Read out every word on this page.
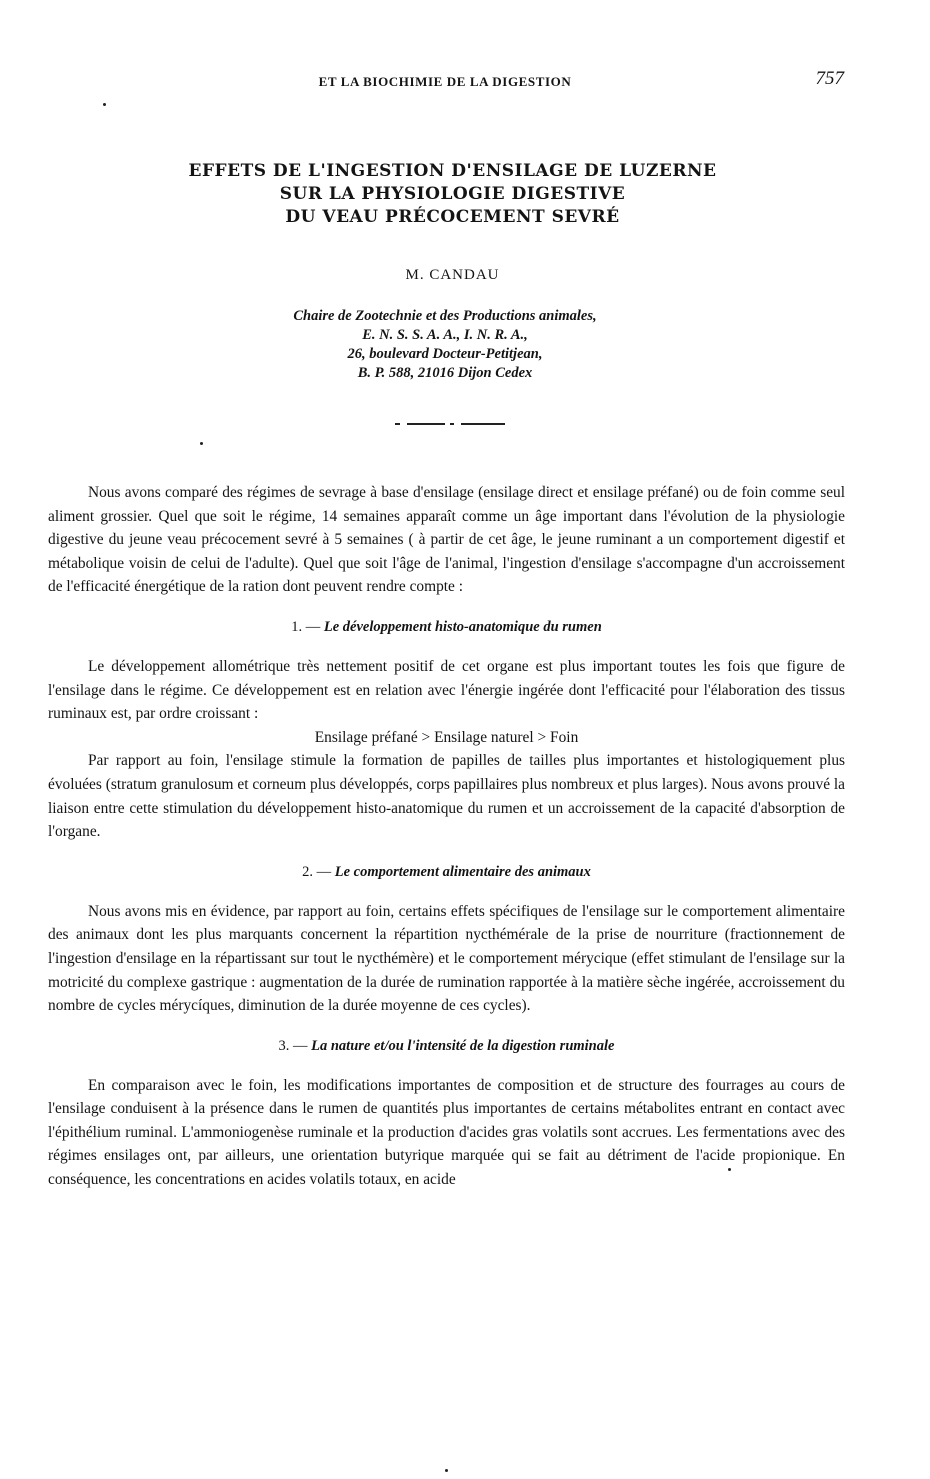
ET LA BIOCHIMIE DE LA DIGESTION	757
EFFETS DE L'INGESTION D'ENSILAGE DE LUZERNE
SUR LA PHYSIOLOGIE DIGESTIVE
DU VEAU PRÉCOCEMENT SEVRÉ
M. CANDAU
Chaire de Zootechnie et des Productions animales,
E. N. S. S. A. A., I. N. R. A.,
26, boulevard Docteur-Petitjean,
B. P. 588, 21016 Dijon Cedex

Nous avons comparé des régimes de sevrage à base d'ensilage (ensilage direct et ensilage préfané) ou de foin comme seul aliment grossier. Quel que soit le régime, 14 semaines apparaît comme un âge important dans l'évolution de la physiologie digestive du jeune veau précocement sevré à 5 semaines ( à partir de cet âge, le jeune ruminant a un comportement digestif et métabolique voisin de celui de l'adulte). Quel que soit l'âge de l'animal, l'ingestion d'ensilage s'accompagne d'un accroissement de l'efficacité énergétique de la ration dont peuvent rendre compte :

1. — Le développement histo-anatomique du rumen

Le développement allométrique très nettement positif de cet organe est plus important toutes les fois que figure de l'ensilage dans le régime. Ce développement est en relation avec l'énergie ingérée dont l'efficacité pour l'élaboration des tissus ruminaux est, par ordre croissant :

Ensilage préfané > Ensilage naturel > Foin

Par rapport au foin, l'ensilage stimule la formation de papilles de tailles plus importantes et histologiquement plus évoluées (stratum granulosum et corneum plus développés, corps papillaires plus nombreux et plus larges). Nous avons prouvé la liaison entre cette stimulation du développement histo-anatomique du rumen et un accroissement de la capacité d'absorption de l'organe.

2. — Le comportement alimentaire des animaux

Nous avons mis en évidence, par rapport au foin, certains effets spécifiques de l'ensilage sur le comportement alimentaire des animaux dont les plus marquants concernent la répartition nycthémérale de la prise de nourriture (fractionnement de l'ingestion d'ensilage en la répartissant sur tout le nycthémère) et le comportement mérycique (effet stimulant de l'ensilage sur la motricité du complexe gastrique : augmentation de la durée de rumination rapportée à la matière sèche ingérée, accroissement du nombre de cycles mérycíques, diminution de la durée moyenne de ces cycles).

3. — La nature et/ou l'intensité de la digestion ruminale

En comparaison avec le foin, les modifications importantes de composition et de structure des fourrages au cours de l'ensilage conduisent à la présence dans le rumen de quantités plus importantes de certains métabolites entrant en contact avec l'épithélium ruminal. L'ammoniogenèse ruminale et la production d'acides gras volatils sont accrues. Les fermentations avec des régimes ensilages ont, par ailleurs, une orientation butyrique marquée qui se fait au détriment de l'acide propionique. En conséquence, les concentrations en acides volatils totaux, en acide
